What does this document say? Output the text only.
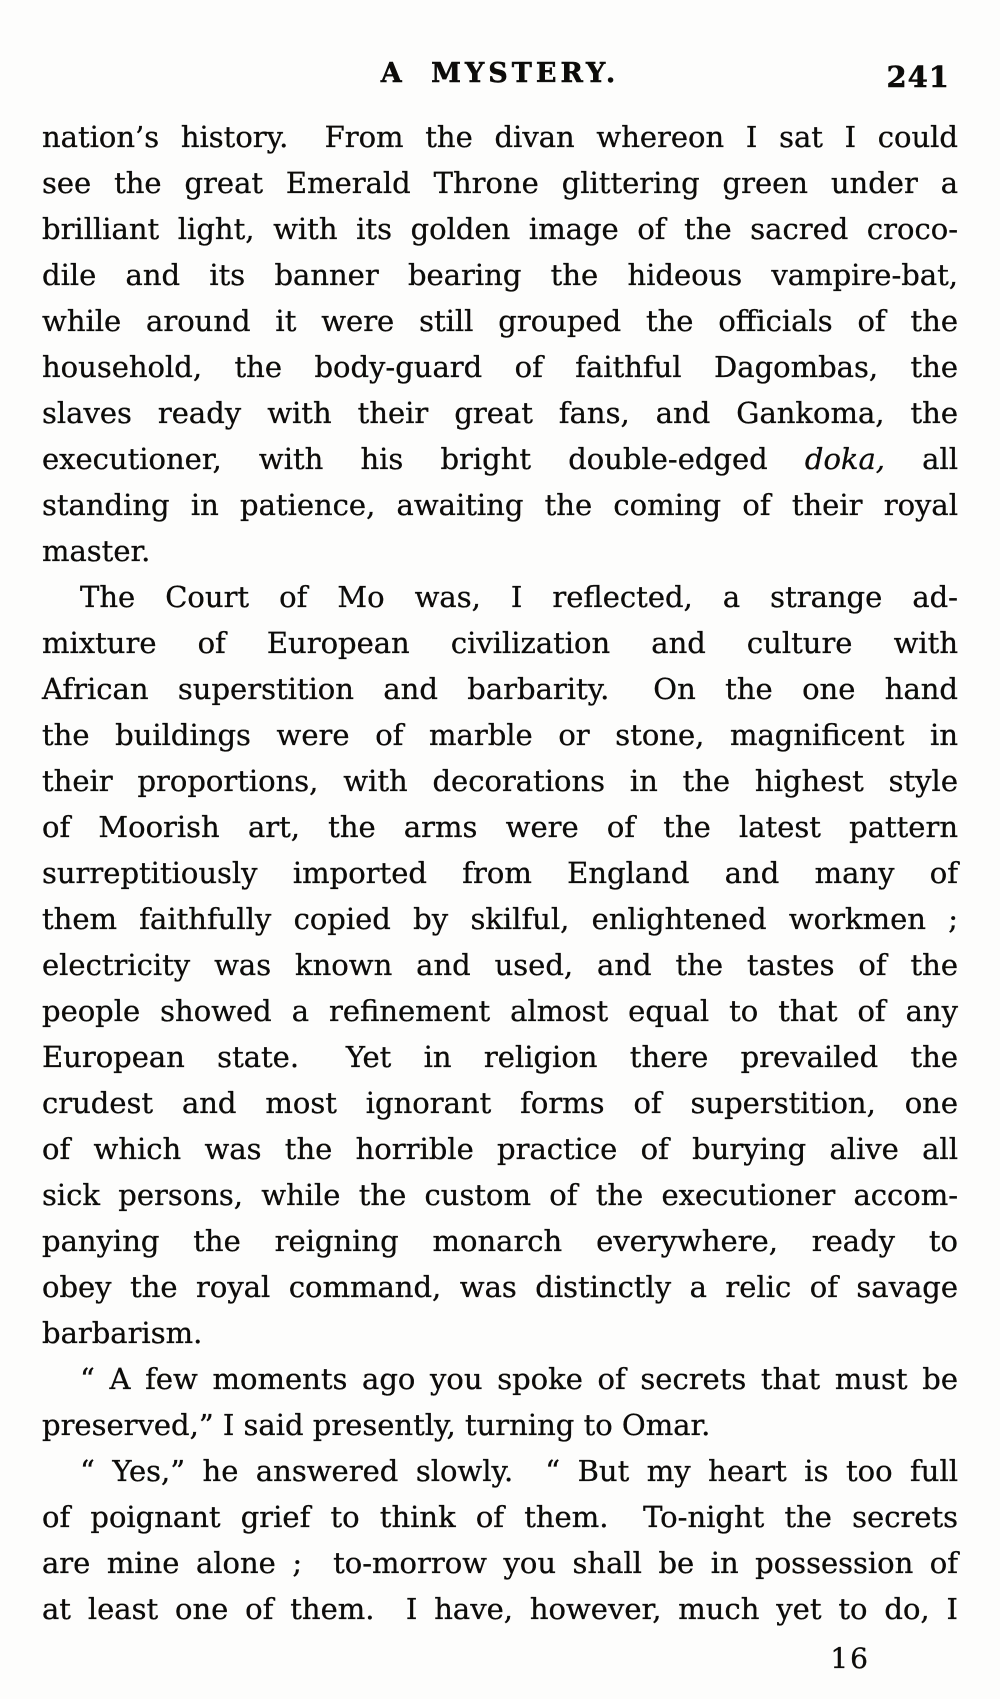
A MYSTERY.	241
nation’s history.  From the divan whereon I sat I could
see the great Emerald Throne glittering green under a
brilliant light, with its golden image of the sacred croco-
dile and its banner bearing the hideous vampire-bat,
while around it were still grouped the officials of the
household, the body-guard of faithful Dagombas, the
slaves ready with their great fans, and Gankoma, the
executioner, with his bright double-edged doka, all
standing in patience, awaiting the coming of their royal
master.
The Court of Mo was, I reflected, a strange ad-
mixture of European civilization and culture with
African superstition and barbarity.  On the one hand
the buildings were of marble or stone, magnificent in
their proportions, with decorations in the highest style
of Moorish art, the arms were of the latest pattern
surreptitiously imported from England and many of
them faithfully copied by skilful, enlightened workmen ;
electricity was known and used, and the tastes of the
people showed a refinement almost equal to that of any
European state.  Yet in religion there prevailed the
crudest and most ignorant forms of superstition, one
of which was the horrible practice of burying alive all
sick persons, while the custom of the executioner accom-
panying the reigning monarch everywhere, ready to
obey the royal command, was distinctly a relic of savage
barbarism.
“ A few moments ago you spoke of secrets that must be
preserved,” I said presently, turning to Omar.
“ Yes,” he answered slowly.  “ But my heart is too full
of poignant grief to think of them.  To-night the secrets
are mine alone ;  to-morrow you shall be in possession of
at least one of them.  I have, however, much yet to do, I
16
